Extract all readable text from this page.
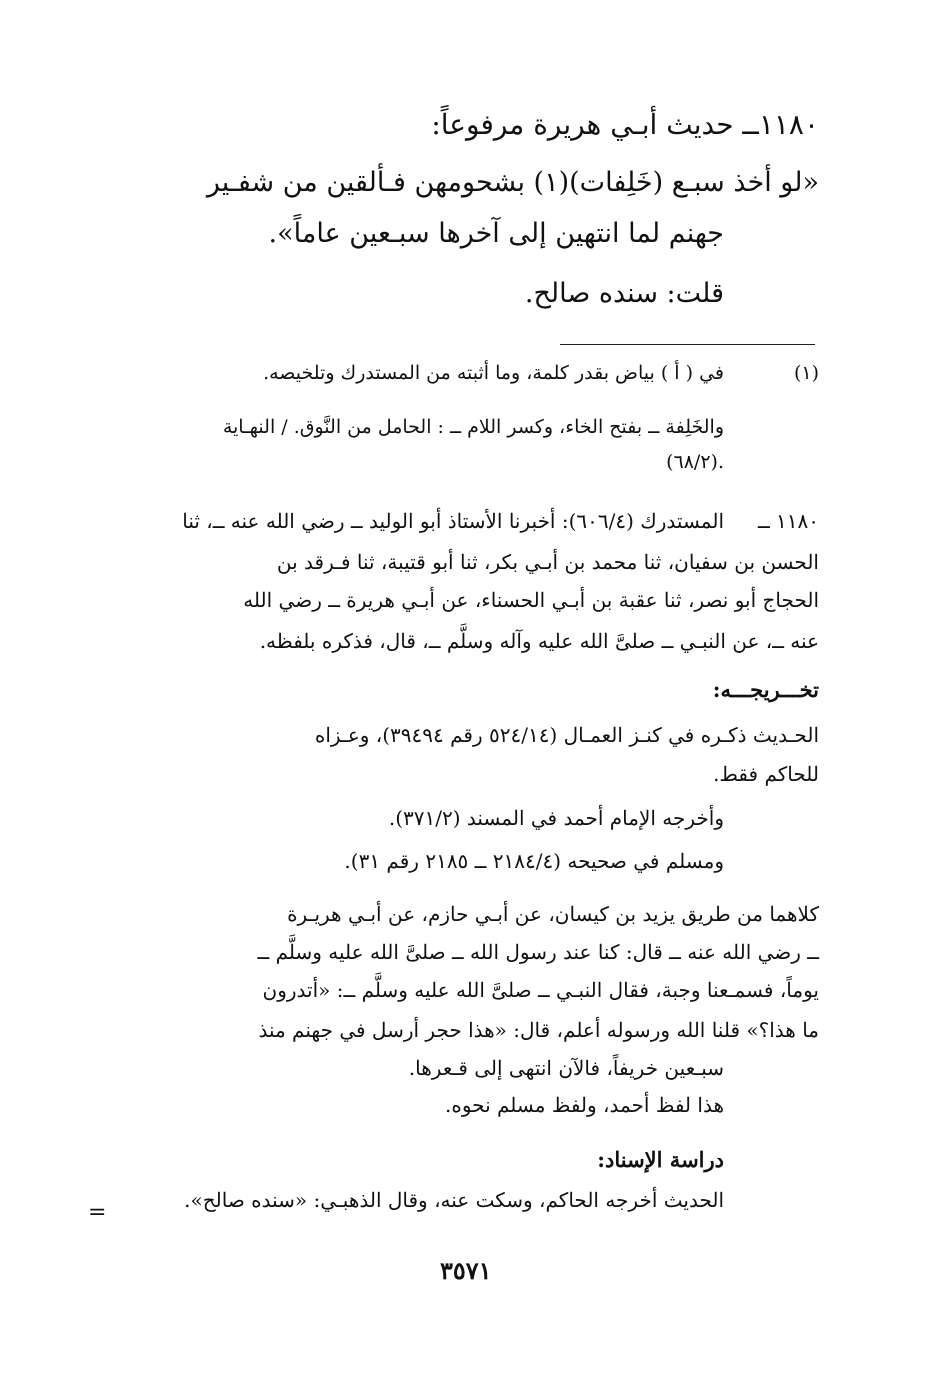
١١٨٠ــ حديث أبـي هريرة مرفوعاً:
«لو أخذ سبـع (خَلِفات)(١) بشحومهن فـألقين من شفـير
جهنم لما انتهين إلى آخرها سبـعين عاماً».
قلت: سنده صالح.
(١)
في ( أ ) بياض بقدر كلمة، وما أثبته من المستدرك وتلخيصه.
والخَلِفة ــ بفتح الخاء، وكسر اللام ــ : الحامل من النَّوق. / النهـاية
(٦٨/٢).
١١٨٠ ــ
المستدرك (٦٠٦/٤): أخبرنا الأستاذ أبو الوليد ــ رضي الله عنه ــ، ثنا
الحسن بن سفيان، ثنا محمد بن أبـي بكر، ثنا أبو قتيبة، ثنا فـرقد بن
الحجاج أبو نصر، ثنا عقبة بن أبـي الحسناء، عن أبـي هريرة ــ رضي الله
عنه ــ، عن النبـي ــ صلىَّ الله عليه وآله وسلَّم ــ، قال، فذكره بلفظه.
تخـــريجـــه:
الحـديث ذكـره في كنـز العمـال (٥٢٤/١٤ رقم ٣٩٤٩٤)، وعـزاه
للحاكم فقط.
وأخرجه الإمام أحمد في المسند (٣٧١/٢).
ومسلم في صحيحه (٢١٨٤/٤ ــ ٢١٨٥ رقم ٣١).
كلاهما من طريق يزيد بن كيسان، عن أبـي حازم، عن أبـي هريـرة
ــ رضي الله عنه ــ قال: كنا عند رسول الله ــ صلىَّ الله عليه وسلَّم ــ
يوماً، فسمـعنا وجبة، فقال النبـي ــ صلىَّ الله عليه وسلَّم ــ: «أتدرون
ما هذا؟» قلنا الله ورسوله أعلم، قال: «هذا حجر أرسل في جهنم منذ
سبـعين خريفاً، فالآن انتهى إلى قـعرها.
هذا لفظ أحمد، ولفظ مسلم نحوه.
دراسة الإسناد:
الحديث أخرجه الحاكم، وسكت عنه، وقال الذهبـي: «سنده صالح».
=
٣٥٧١
